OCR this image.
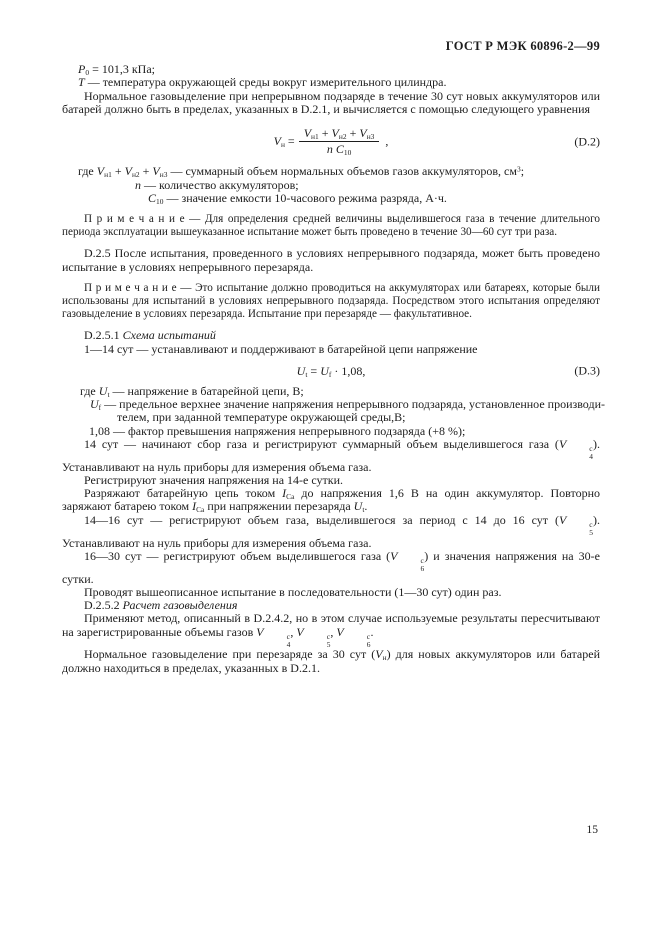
ГОСТ Р МЭК 60896-2—99
$P_0 = 101,3$ кПа;
Т — температура окружающей среды вокруг измерительного цилиндра.
Нормальное газовыделение при непрерывном подзаряде в течение 30 сут новых аккумуляторов или батарей должно быть в пределах, указанных в D.2.1, и вычисляется с помощью следующего уравнения
$V_н = \frac{V_{н1} + V_{н2} + V_{н3}}{n C_{10}}$ ,	(D.2)
где $V_{н1} + V_{н2} + V_{н3}$ — суммарный объем нормальных объемов газов аккумуляторов, $см^3$;
n — количество аккумуляторов;
$C_{10}$ — значение емкости 10-часового режима разряда, А·ч.
П р и м е ч а н и е — Для определения средней величины выделившегося газа в течение длительного периода эксплуатации вышеуказанное испытание может быть проведено в течение 30—60 сут три раза.
D.2.5 После испытания, проведенного в условиях непрерывного подзаряда, может быть проведено испытание в условиях непрерывного перезаряда.
П р и м е ч а н и е — Это испытание должно проводиться на аккумуляторах или батареях, которые были использованы для испытаний в условиях непрерывного подзаряда. Посредством этого испытания определяют газовыделение в условиях перезаряда. Испытание при перезаряде — факультативное.
D.2.5.1 Схема испытаний
1—14 сут — устанавливают и поддерживают в батарейной цепи напряжение
$U_t = U_f \cdot 1,08$,	(D.3)
где $U_t$ — напряжение в батарейной цепи, В;
$U_f$ — предельное верхнее значение напряжения непрерывного подзаряда, установленное производи-
телем, при заданной температуре окружающей среды,В;
1,08 — фактор превышения напряжения непрерывного подзаряда (+8 %);
14 сут — начинают сбор газа и регистрируют суммарный объем выделившегося газа (V	с
4
). Устанавливают на нуль приборы для измерения объема газа.
Регистрируют значения напряжения на 14-е сутки.
Разряжают батарейную цепь током $I_{Са}$ до напряжения 1,6 В на один аккумулятор. Повторно заряжают батарею током $I_{Са}$ при напряжении перезаряда $U_t$.
14—16 сут — регистрируют объем газа, выделившегося за период с 14 до 16 сут (V	с
5
). Устанавливают на нуль приборы для измерения объема газа.
16—30 сут — регистрируют объем выделившегося газа (V	с
6
) и значения напряжения на 30-е сутки.
Проводят вышеописанное испытание в последовательности (1—30 сут) один раз.
D.2.5.2 Расчет газовыделения
Применяют метод, описанный в D.2.4.2, но в этом случае используемые результаты пересчитывают на зарегистрированные объемы газов V	с
4
, V	с
5
, V	с
6
.
Нормальное газовыделение при перезаряде за 30 сут $(V_н)$ для новых аккумуляторов или батарей должно находиться в пределах, указанных в D.2.1.
15
